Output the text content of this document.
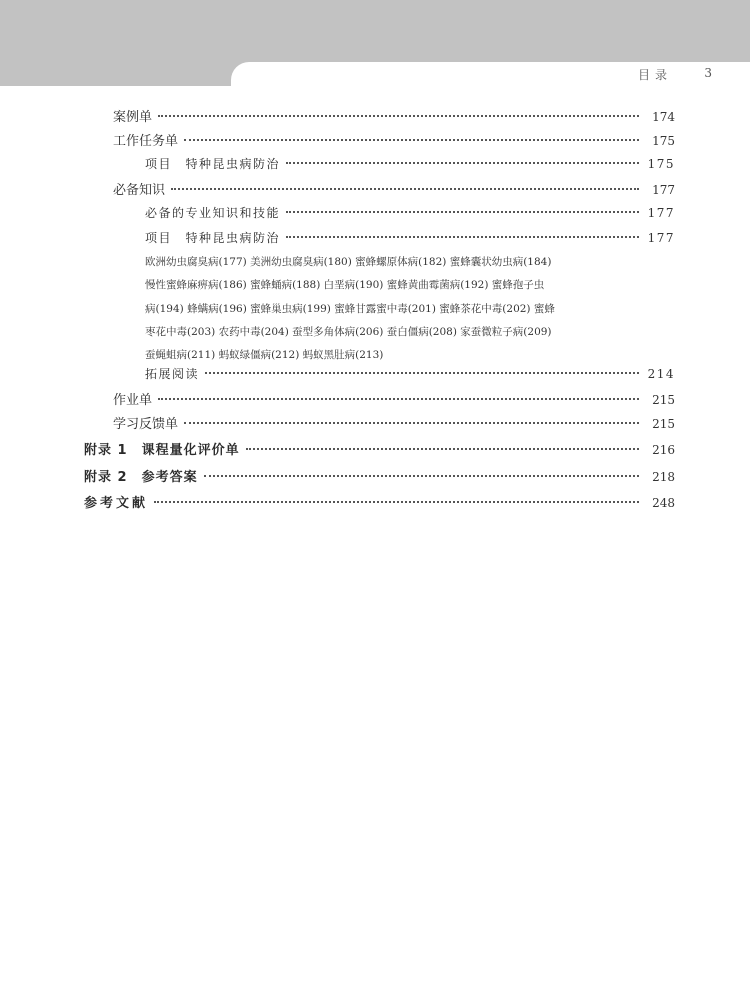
目录	3
案例单	174
工作任务单	175
项目　特种昆虫病防治	175
必备知识	177
必备的专业知识和技能	177
项目　特种昆虫病防治	177
欧洲幼虫腐臭病(177) 美洲幼虫腐臭病(180) 蜜蜂螺原体病(182) 蜜蜂囊状幼虫病(184)
慢性蜜蜂麻痹病(186) 蜜蜂蛹病(188) 白垩病(190) 蜜蜂黄曲霉菌病(192) 蜜蜂孢子虫
病(194) 蜂螨病(196) 蜜蜂巢虫病(199) 蜜蜂甘露蜜中毒(201) 蜜蜂茶花中毒(202) 蜜蜂
枣花中毒(203) 农药中毒(204) 蚕型多角体病(206) 蚕白僵病(208) 家蚕微粒子病(209)
蚕蝇蛆病(211) 蚂蚁绿僵病(212) 蚂蚁黑肚病(213)
拓展阅读	214
作业单	215
学习反馈单	215
附录 1　课程量化评价单	216
附录 2　参考答案	218
参考文献	248
